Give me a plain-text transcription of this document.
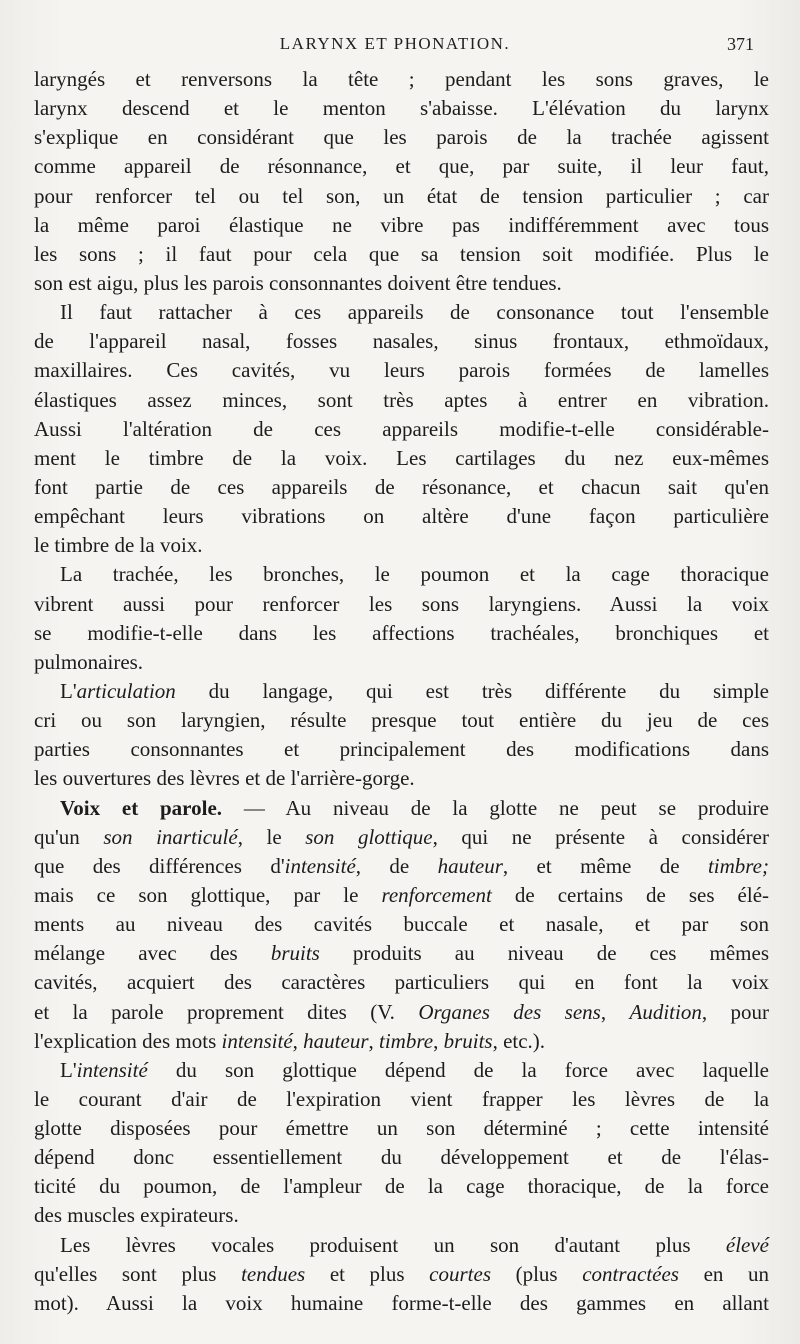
LARYNX ET PHONATION.	371
laryngés et renversons la tête ; pendant les sons graves, le
larynx descend et le menton s'abaisse. L'élévation du larynx
s'explique en considérant que les parois de la trachée agissent
comme appareil de résonnance, et que, par suite, il leur faut,
pour renforcer tel ou tel son, un état de tension particulier ; car
la même paroi élastique ne vibre pas indifféremment avec tous
les sons ; il faut pour cela que sa tension soit modifiée. Plus le
son est aigu, plus les parois consonnantes doivent être tendues.
Il faut rattacher à ces appareils de consonance tout l'ensemble
de l'appareil nasal, fosses nasales, sinus frontaux, ethmoïdaux,
maxillaires. Ces cavités, vu leurs parois formées de lamelles
élastiques assez minces, sont très aptes à entrer en vibration.
Aussi l'altération de ces appareils modifie-t-elle considérable-
ment le timbre de la voix. Les cartilages du nez eux-mêmes
font partie de ces appareils de résonance, et chacun sait qu'en
empêchant leurs vibrations on altère d'une façon particulière
le timbre de la voix.
La trachée, les bronches, le poumon et la cage thoracique
vibrent aussi pour renforcer les sons laryngiens. Aussi la voix
se modifie-t-elle dans les affections trachéales, bronchiques et
pulmonaires.
L'articulation du langage, qui est très différente du simple
cri ou son laryngien, résulte presque tout entière du jeu de ces
parties consonnantes et principalement des modifications dans
les ouvertures des lèvres et de l'arrière-gorge.
Voix et parole. — Au niveau de la glotte ne peut se produire
qu'un son inarticulé, le son glottique, qui ne présente à considérer
que des différences d'intensité, de hauteur, et même de timbre;
mais ce son glottique, par le renforcement de certains de ses élé-
ments au niveau des cavités buccale et nasale, et par son
mélange avec des bruits produits au niveau de ces mêmes
cavités, acquiert des caractères particuliers qui en font la voix
et la parole proprement dites (V. Organes des sens, Audition, pour
l'explication des mots intensité, hauteur, timbre, bruits, etc.).
L'intensité du son glottique dépend de la force avec laquelle
le courant d'air de l'expiration vient frapper les lèvres de la
glotte disposées pour émettre un son déterminé ; cette intensité
dépend donc essentiellement du développement et de l'élas-
ticité du poumon, de l'ampleur de la cage thoracique, de la force
des muscles expirateurs.
Les lèvres vocales produisent un son d'autant plus élevé
qu'elles sont plus tendues et plus courtes (plus contractées en un
mot). Aussi la voix humaine forme-t-elle des gammes en allant
